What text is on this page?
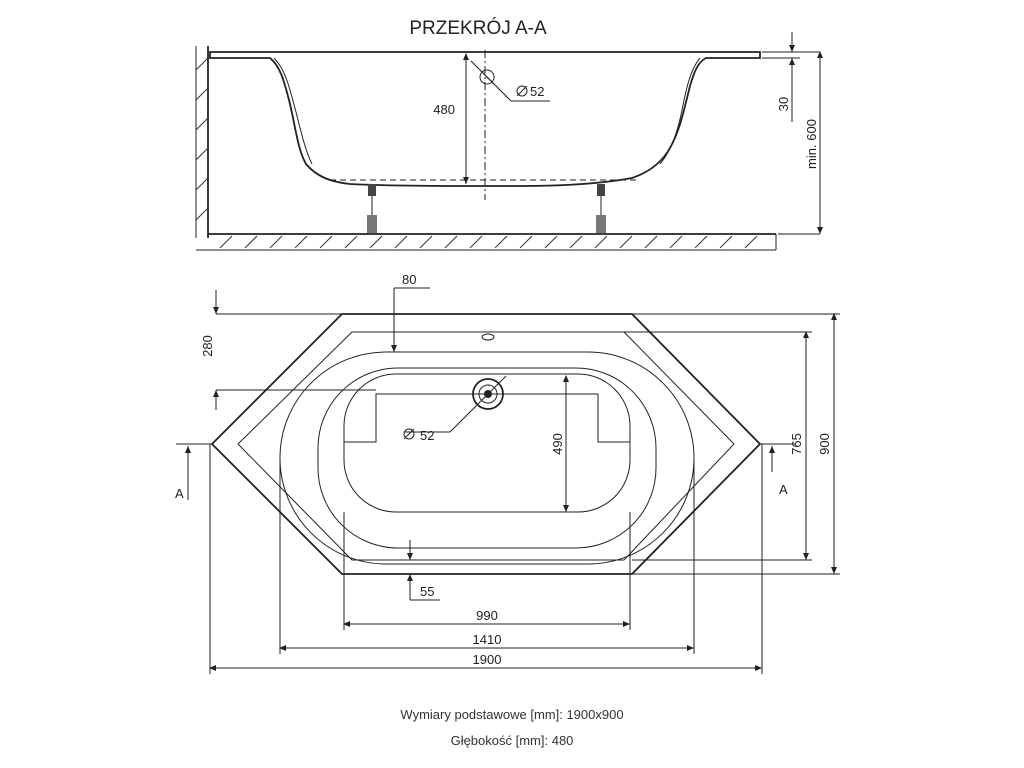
PRZEKRÓJ A-A
480
52
30
min. 600
52
80
280
490	765 900
A	A
55
990
1410
1900
Wymiary podstawowe [mm]: 1900x900
Głębokość [mm]: 480
